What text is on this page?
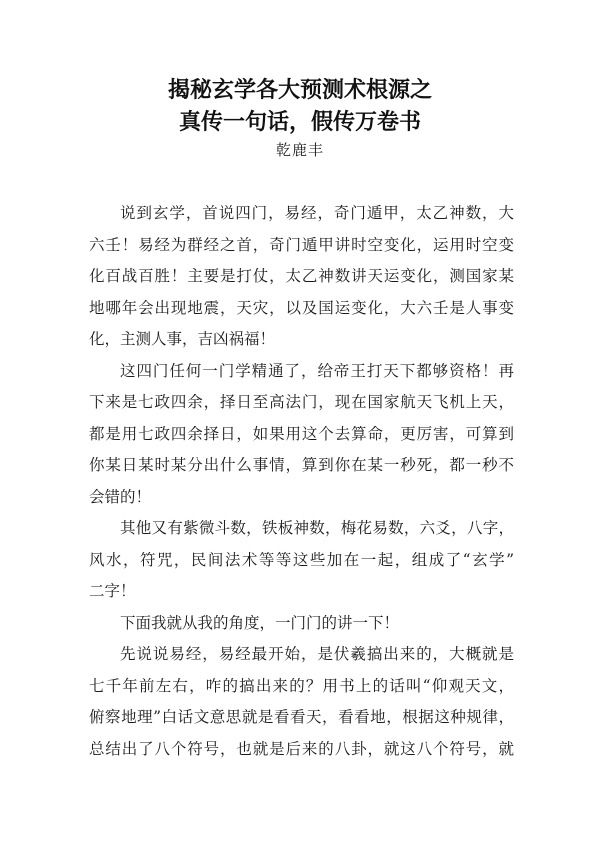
揭秘玄学各大预测术根源之
真传一句话，假传万卷书
乾鹿丰
说到玄学，首说四门，易经，奇门遁甲，太乙神数，大
六壬！易经为群经之首，奇门遁甲讲时空变化，运用时空变
化百战百胜！主要是打仗，太乙神数讲天运变化，测国家某
地哪年会出现地震，天灾，以及国运变化，大六壬是人事变
化，主测人事，吉凶祸福！
这四门任何一门学精通了，给帝王打天下都够资格！再
下来是七政四余，择日至高法门，现在国家航天飞机上天，
都是用七政四余择日，如果用这个去算命，更厉害，可算到
你某日某时某分出什么事情，算到你在某一秒死，都一秒不
会错的！
其他又有紫微斗数，铁板神数，梅花易数，六爻，八字，
风水，符咒，民间法术等等这些加在一起，组成了“玄学”
二字！
下面我就从我的角度，一门门的讲一下！
先说说易经，易经最开始，是伏羲搞出来的，大概就是
七千年前左右，咋的搞出来的？用书上的话叫“仰观天文，
俯察地理”白话文意思就是看看天，看看地，根据这种规律，
总结出了八个符号，也就是后来的八卦，就这八个符号，就
